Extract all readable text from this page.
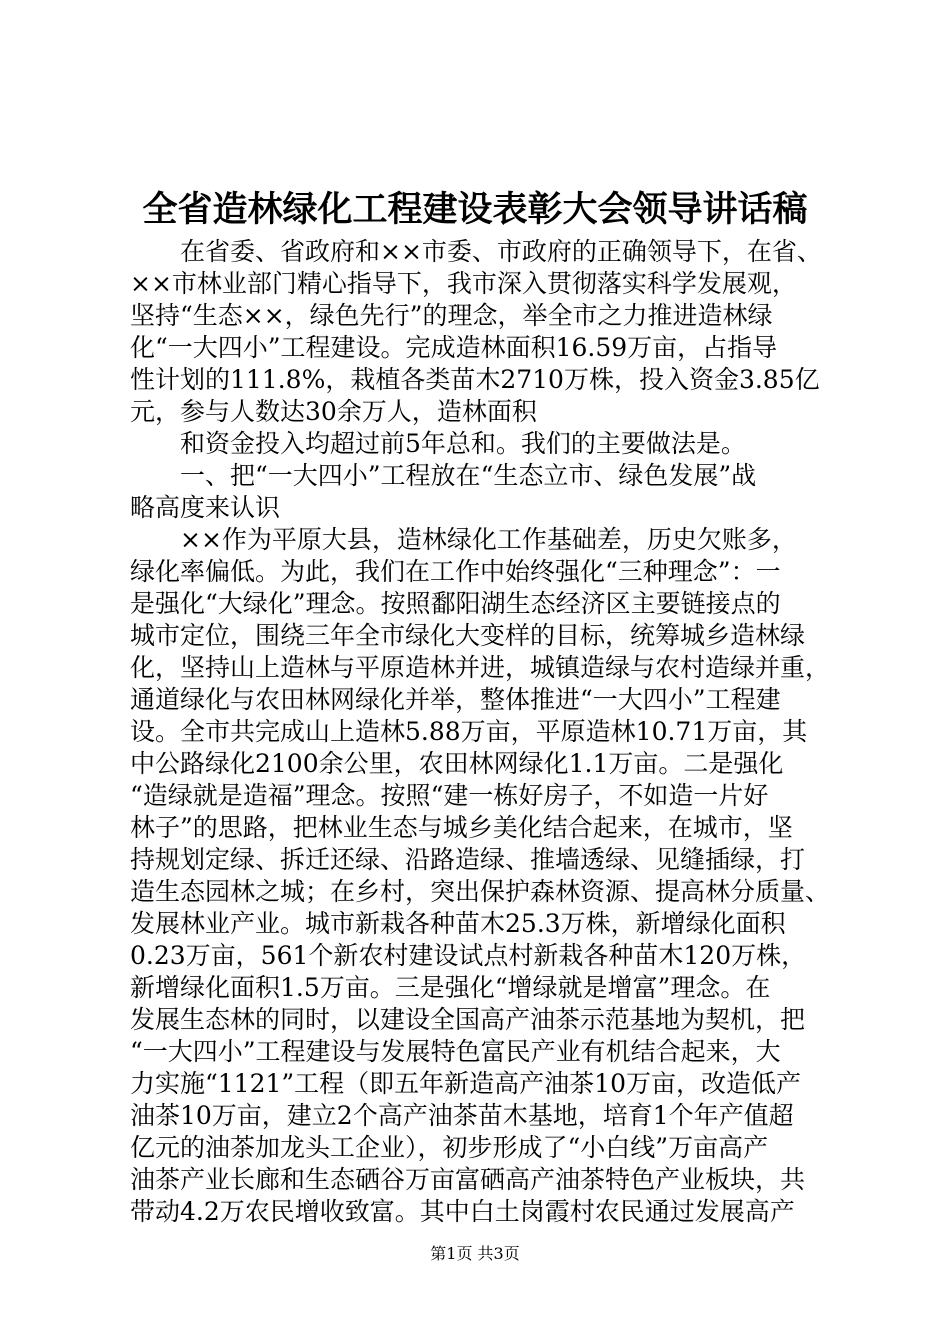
全省造林绿化工程建设表彰大会领导讲话稿
在省委、省政府和××市委、市政府的正确领导下，在省、
××市林业部门精心指导下，我市深入贯彻落实科学发展观，
坚持“生态××，绿色先行”的理念，举全市之力推进造林绿
化“一大四小”工程建设。完成造林面积16.59万亩，占指导
性计划的111.8%，栽植各类苗木2710万株，投入资金3.85亿
元，参与人数达30余万人，造林面积
和资金投入均超过前5年总和。我们的主要做法是。
一、把“一大四小”工程放在“生态立市、绿色发展”战
略高度来认识
××作为平原大县，造林绿化工作基础差，历史欠账多，
绿化率偏低。为此，我们在工作中始终强化“三种理念”：一
是强化“大绿化”理念。按照鄱阳湖生态经济区主要链接点的
城市定位，围绕三年全市绿化大变样的目标，统筹城乡造林绿
化，坚持山上造林与平原造林并进，城镇造绿与农村造绿并重，
通道绿化与农田林网绿化并举，整体推进“一大四小”工程建
设。全市共完成山上造林5.88万亩，平原造林10.71万亩，其
中公路绿化2100余公里，农田林网绿化1.1万亩。二是强化
“造绿就是造福”理念。按照“建一栋好房子，不如造一片好
林子”的思路，把林业生态与城乡美化结合起来，在城市，坚
持规划定绿、拆迁还绿、沿路造绿、推墙透绿、见缝插绿，打
造生态园林之城；在乡村，突出保护森林资源、提高林分质量、
发展林业产业。城市新栽各种苗木25.3万株，新增绿化面积
0.23万亩，561个新农村建设试点村新栽各种苗木120万株，
新增绿化面积1.5万亩。三是强化“增绿就是增富”理念。在
发展生态林的同时，以建设全国高产油茶示范基地为契机，把
“一大四小”工程建设与发展特色富民产业有机结合起来，大
力实施“1121”工程（即五年新造高产油茶10万亩，改造低产
油茶10万亩，建立2个高产油茶苗木基地，培育1个年产值超
亿元的油茶加龙头工企业），初步形成了“小白线”万亩高产
油茶产业长廊和生态硒谷万亩富硒高产油茶特色产业板块，共
带动4.2万农民增收致富。其中白土岗霞村农民通过发展高产
第1页 共3页
